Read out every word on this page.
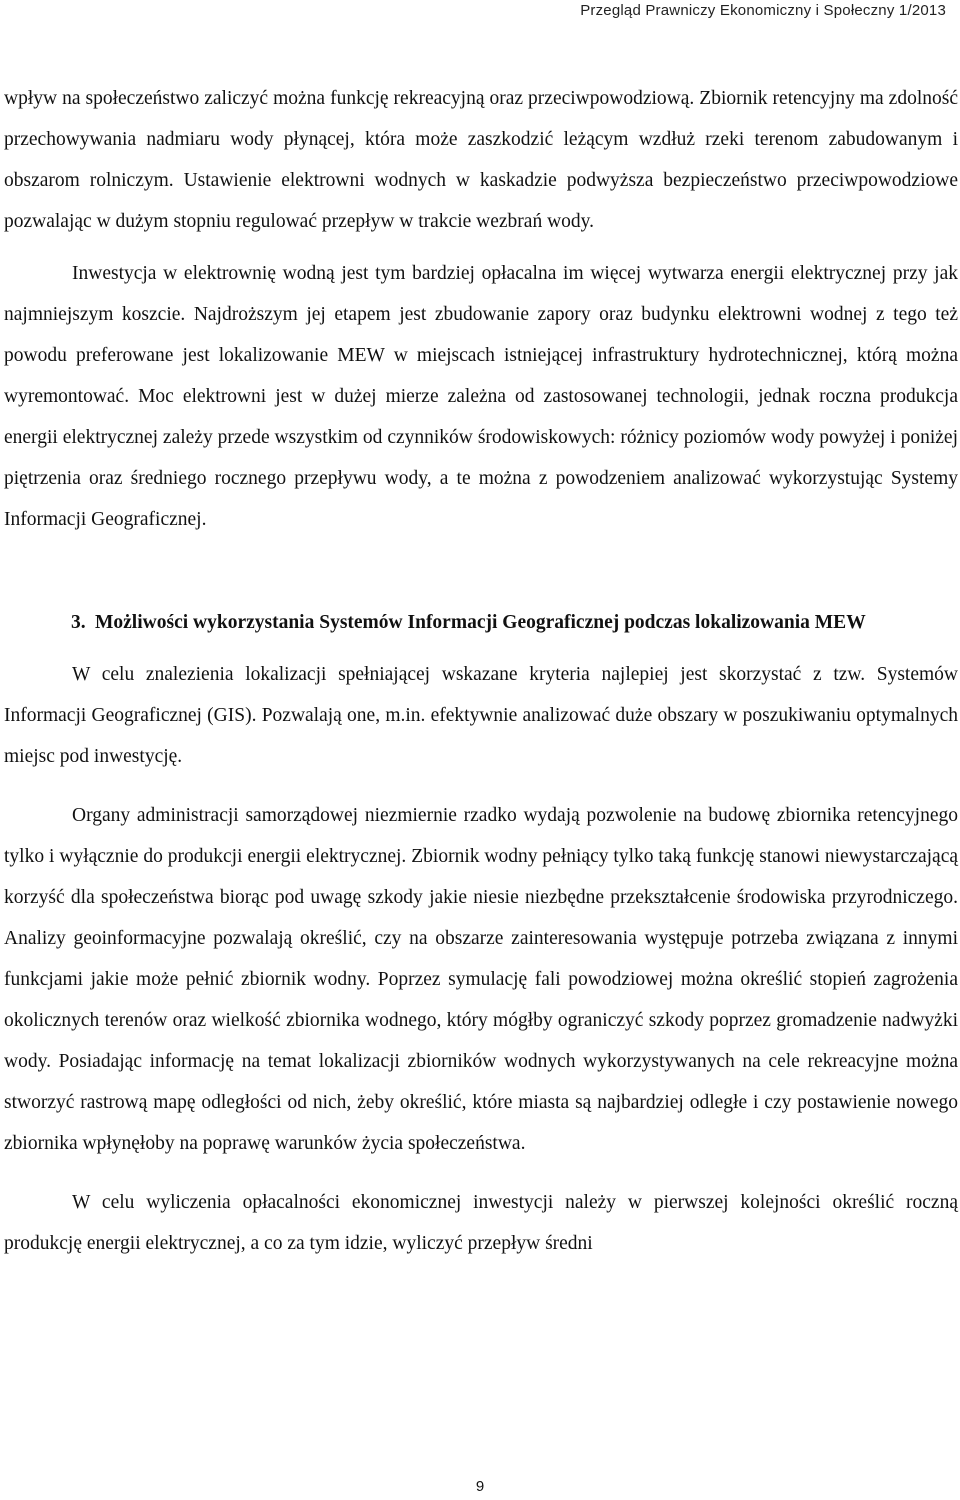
Przegląd Prawniczy Ekonomiczny i Społeczny 1/2013

wpływ na społeczeństwo zaliczyć można funkcję rekreacyjną oraz przeciwpowodziową. Zbiornik retencyjny ma zdolność przechowywania nadmiaru wody płynącej, która może zaszkodzić leżącym wzdłuż rzeki terenom zabudowanym i obszarom rolniczym. Ustawienie elektrowni wodnych w kaskadzie podwyższa bezpieczeństwo przeciwpowodziowe pozwalając w dużym stopniu regulować przepływ w trakcie wezbrań wody.

Inwestycja w elektrownię wodną jest tym bardziej opłacalna im więcej wytwarza energii elektrycznej przy jak najmniejszym koszcie. Najdroższym jej etapem jest zbudowanie zapory oraz budynku elektrowni wodnej z tego też powodu preferowane jest lokalizowanie MEW w miejscach istniejącej infrastruktury hydrotechnicznej, którą można wyremontować. Moc elektrowni jest w dużej mierze zależna od zastosowanej technologii, jednak roczna produkcja energii elektrycznej zależy przede wszystkim od czynników środowiskowych: różnicy poziomów wody powyżej i poniżej piętrzenia oraz średniego rocznego przepływu wody, a te można z powodzeniem analizować wykorzystując Systemy Informacji Geograficznej.

3. Możliwości wykorzystania Systemów Informacji Geograficznej podczas lokalizowania MEW

W celu znalezienia lokalizacji spełniającej wskazane kryteria najlepiej jest skorzystać z tzw. Systemów Informacji Geograficznej (GIS). Pozwalają one, m.in. efektywnie analizować duże obszary w poszukiwaniu optymalnych miejsc pod inwestycję.

Organy administracji samorządowej niezmiernie rzadko wydają pozwolenie na budowę zbiornika retencyjnego tylko i wyłącznie do produkcji energii elektrycznej. Zbiornik wodny pełniący tylko taką funkcję stanowi niewystarczającą korzyść dla społeczeństwa biorąc pod uwagę szkody jakie niesie niezbędne przekształcenie środowiska przyrodniczego. Analizy geoinformacyjne pozwalają określić, czy na obszarze zainteresowania występuje potrzeba związana z innymi funkcjami jakie może pełnić zbiornik wodny. Poprzez symulację fali powodziowej można określić stopień zagrożenia okolicznych terenów oraz wielkość zbiornika wodnego, który mógłby ograniczyć szkody poprzez gromadzenie nadwyżki wody. Posiadając informację na temat lokalizacji zbiorników wodnych wykorzystywanych na cele rekreacyjne można stworzyć rastrową mapę odległości od nich, żeby określić, które miasta są najbardziej odległe i czy postawienie nowego zbiornika wpłynęłoby na poprawę warunków życia społeczeństwa.

W celu wyliczenia opłacalności ekonomicznej inwestycji należy w pierwszej kolejności określić roczną produkcję energii elektrycznej, a co za tym idzie, wyliczyć przepływ średni

9
